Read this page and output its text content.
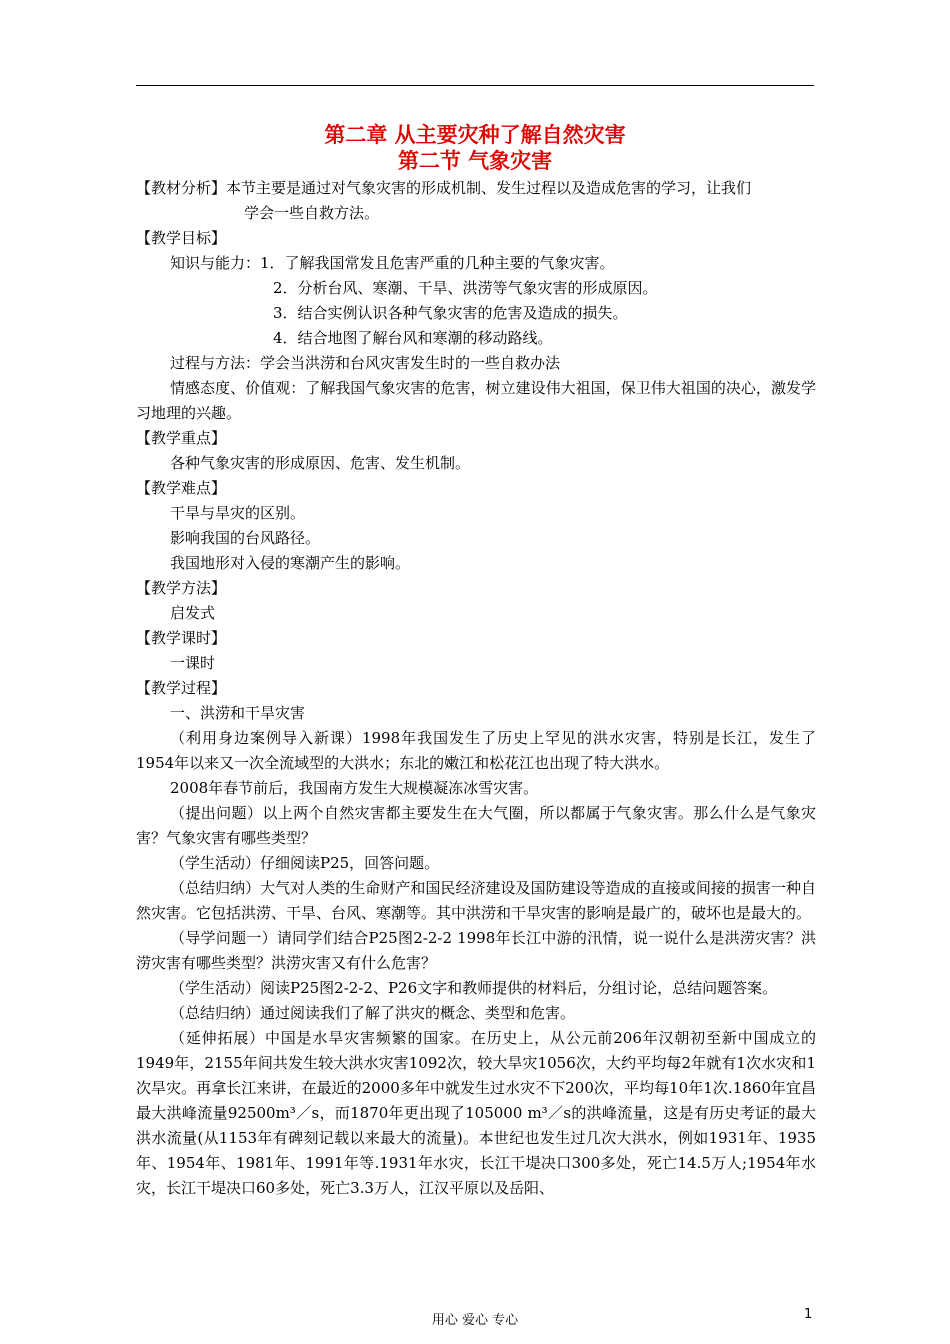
第二章 从主要灾种了解自然灾害
第二节 气象灾害
【教材分析】本节主要是通过对气象灾害的形成机制、发生过程以及造成危害的学习，让我们
学会一些自救方法。
【教学目标】
知识与能力：1．了解我国常发且危害严重的几种主要的气象灾害。
2．分析台风、寒潮、干旱、洪涝等气象灾害的形成原因。
3．结合实例认识各种气象灾害的危害及造成的损失。
4．结合地图了解台风和寒潮的移动路线。
过程与方法：学会当洪涝和台风灾害发生时的一些自救办法
情感态度、价值观：了解我国气象灾害的危害，树立建设伟大祖国，保卫伟大祖国的决心，激发学习地理的兴趣。
【教学重点】
各种气象灾害的形成原因、危害、发生机制。
【教学难点】
干旱与旱灾的区别。
影响我国的台风路径。
我国地形对入侵的寒潮产生的影响。
【教学方法】
启发式
【教学课时】
一课时
【教学过程】
一、洪涝和干旱灾害
（利用身边案例导入新课）1998年我国发生了历史上罕见的洪水灾害，特别是长江，发生了1954年以来又一次全流域型的大洪水；东北的嫩江和松花江也出现了特大洪水。
2008年春节前后，我国南方发生大规模凝冻冰雪灾害。
（提出问题）以上两个自然灾害都主要发生在大气圈，所以都属于气象灾害。那么什么是气象灾害？气象灾害有哪些类型？
（学生活动）仔细阅读P25，回答问题。
（总结归纳）大气对人类的生命财产和国民经济建设及国防建设等造成的直接或间接的损害一种自然灾害。它包括洪涝、干旱、台风、寒潮等。其中洪涝和干旱灾害的影响是最广的，破坏也是最大的。
（导学问题一）请同学们结合P25图2-2-2 1998年长江中游的汛情，说一说什么是洪涝灾害？洪涝灾害有哪些类型？洪涝灾害又有什么危害？
（学生活动）阅读P25图2-2-2、P26文字和教师提供的材料后，分组讨论，总结问题答案。
（总结归纳）通过阅读我们了解了洪灾的概念、类型和危害。
（延伸拓展）中国是水旱灾害频繁的国家。在历史上，从公元前206年汉朝初至新中国成立的1949年，2155年间共发生较大洪水灾害1092次，较大旱灾1056次，大约平均每2年就有1次水灾和1次旱灾。再拿长江来讲，在最近的2000多年中就发生过水灾不下200次，平均每10年1次.1860年宜昌最大洪峰流量92500m³／s，而1870年更出现了105000 m³／s的洪峰流量，这是有历史考证的最大洪水流量(从1153年有碑刻记载以来最大的流量)。本世纪也发生过几次大洪水，例如1931年、1935年、1954年、1981年、1991年等.1931年水灾，长江干堤决口300多处，死亡14.5万人;1954年水灾，长江干堤决口60多处，死亡3.3万人，江汉平原以及岳阳、
用心 爱心 专心	1
